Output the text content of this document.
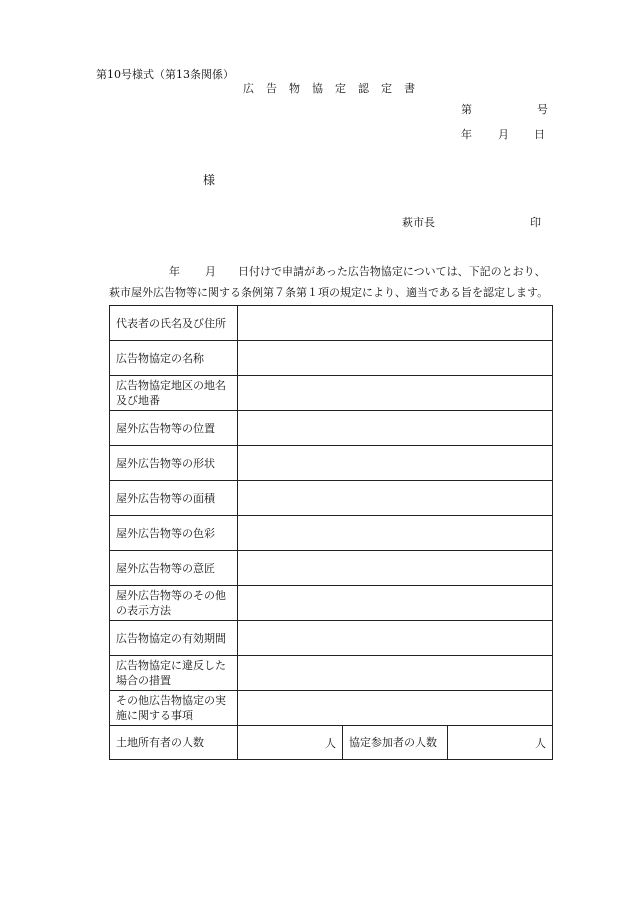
第10号様式（第13条関係）
広 告 物 協 定 認 定 書
第	号
年 月 日
様
萩市長	印
年 月 日付けで申請があった広告物協定については、下記のとおり、
萩市屋外広告物等に関する条例第７条第１項の規定により、適当である旨を認定します。
代表者の氏名及び住所			
広告物協定の名称			
広告物協定地区の地名及び地番			
屋外広告物等の位置			
屋外広告物等の形状			
屋外広告物等の面積			
屋外広告物等の色彩			
屋外広告物等の意匠			
屋外広告物等のその他の表示方法			
広告物協定の有効期間			
広告物協定に違反した場合の措置			
その他広告物協定の実施に関する事項			
土地所有者の人数	人	協定参加者の人数	人
